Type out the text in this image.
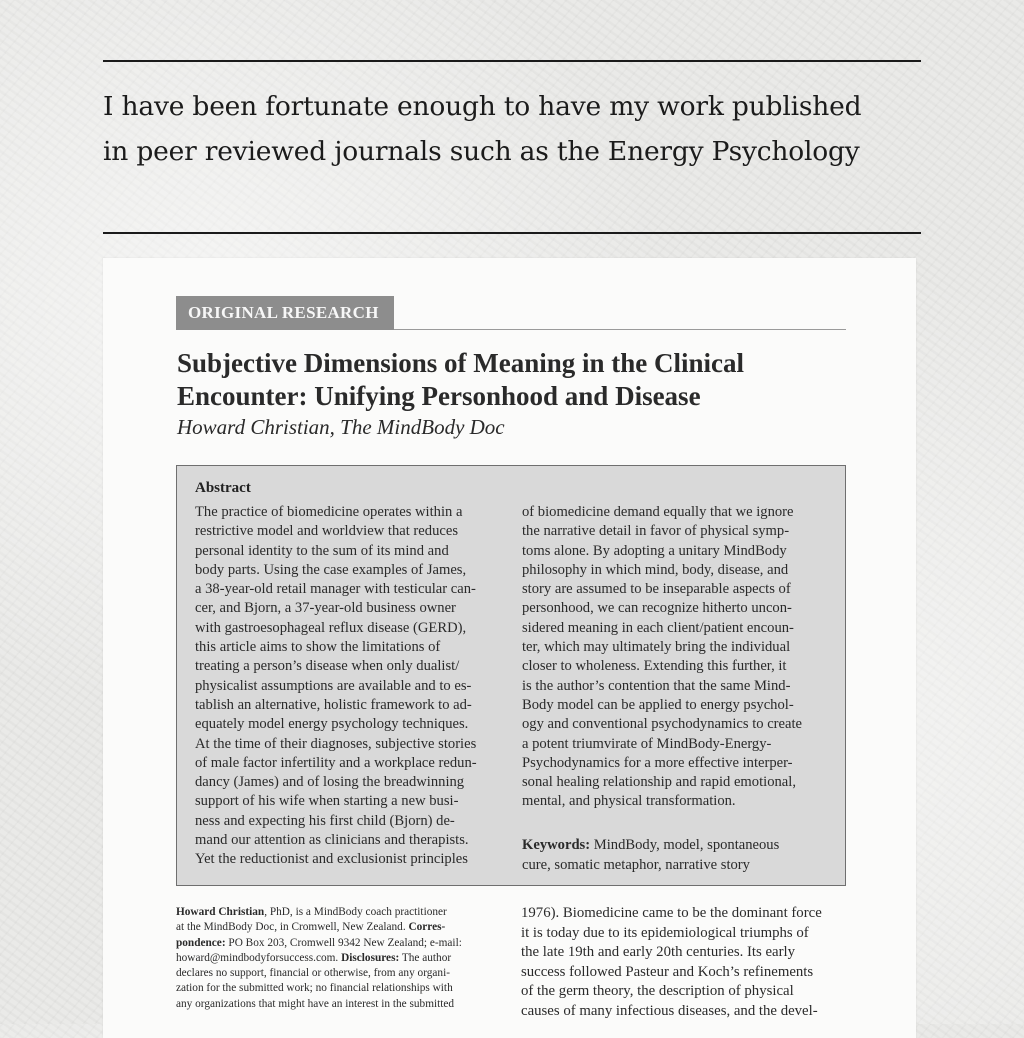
I have been fortunate enough to have my work published
in peer reviewed journals such as the Energy Psychology
ORIGINAL RESEARCH
Subjective Dimensions of Meaning in the Clinical
Encounter: Unifying Personhood and Disease
Howard Christian, The MindBody Doc
Abstract
The practice of biomedicine operates within a
restrictive model and worldview that reduces
personal identity to the sum of its mind and
body parts. Using the case examples of James,
a 38-year-old retail manager with testicular can-
cer, and Bjorn, a 37-year-old business owner
with gastroesophageal reflux disease (GERD),
this article aims to show the limitations of
treating a person’s disease when only dualist/
physicalist assumptions are available and to es-
tablish an alternative, holistic framework to ad-
equately model energy psychology techniques.
At the time of their diagnoses, subjective stories
of male factor infertility and a workplace redun-
dancy (James) and of losing the breadwinning
support of his wife when starting a new busi-
ness and expecting his first child (Bjorn) de-
mand our attention as clinicians and therapists.
Yet the reductionist and exclusionist principles
of biomedicine demand equally that we ignore
the narrative detail in favor of physical symp-
toms alone. By adopting a unitary MindBody
philosophy in which mind, body, disease, and
story are assumed to be inseparable aspects of
personhood, we can recognize hitherto uncon-
sidered meaning in each client/patient encoun-
ter, which may ultimately bring the individual
closer to wholeness. Extending this further, it
is the author’s contention that the same Mind-
Body model can be applied to energy psychol-
ogy and conventional psychodynamics to create
a potent triumvirate of MindBody-Energy-
Psychodynamics for a more effective interper-
sonal healing relationship and rapid emotional,
mental, and physical transformation.
Keywords: MindBody, model, spontaneous
cure, somatic metaphor, narrative story
Howard Christian, PhD, is a MindBody coach practitioner
at the MindBody Doc, in Cromwell, New Zealand. Corres-
pondence: PO Box 203, Cromwell 9342 New Zealand; e-mail:
howard@mindbodyforsuccess.com. Disclosures: The author
declares no support, financial or otherwise, from any organi-
zation for the submitted work; no financial relationships with
any organizations that might have an interest in the submitted
1976). Biomedicine came to be the dominant force
it is today due to its epidemiological triumphs of
the late 19th and early 20th centuries. Its early
success followed Pasteur and Koch’s refinements
of the germ theory, the description of physical
causes of many infectious diseases, and the devel-
